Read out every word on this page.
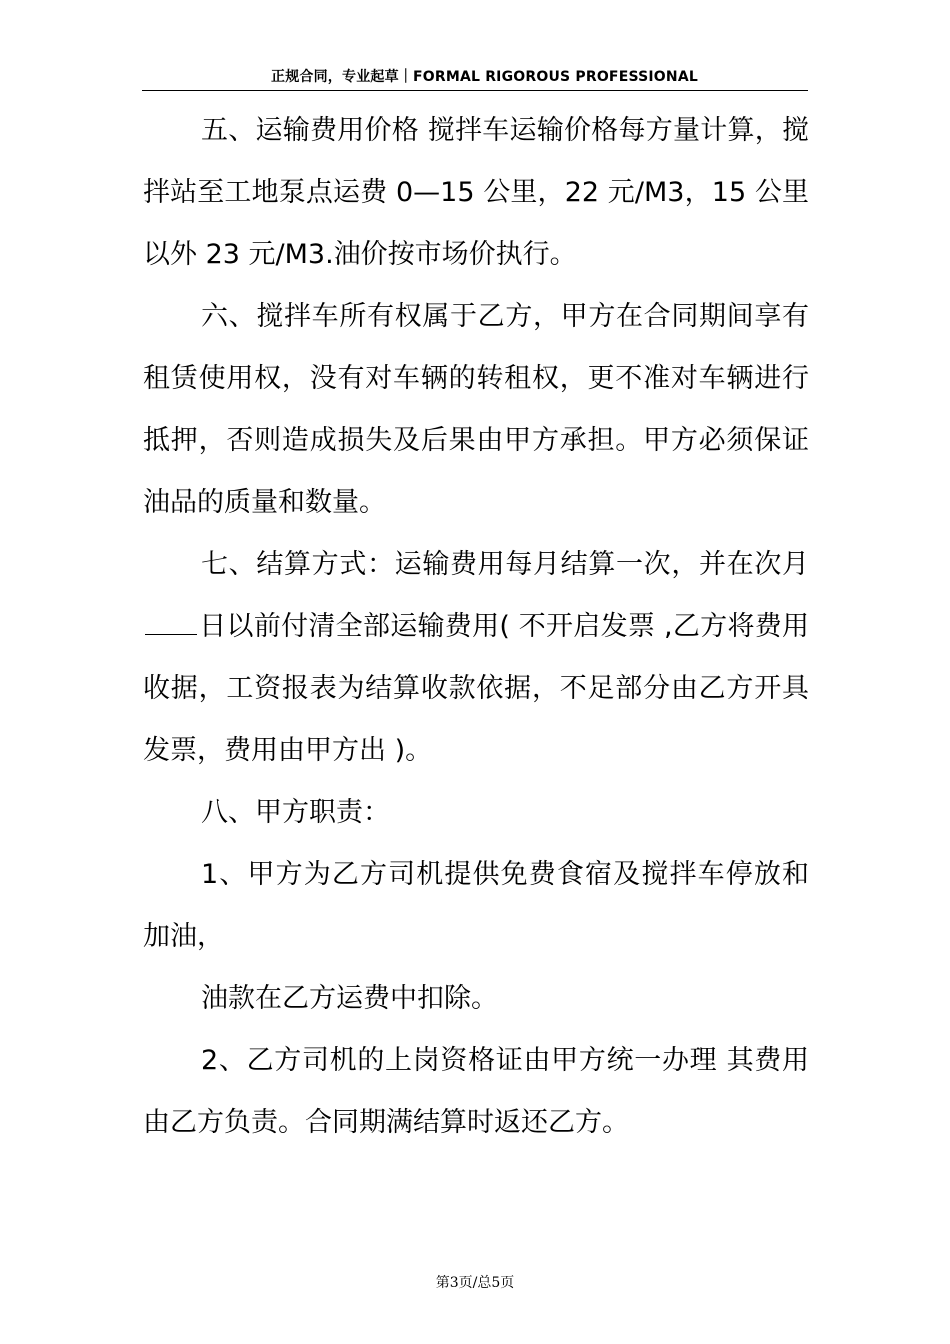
正规合同，专业起草｜FORMAL RIGOROUS PROFESSIONAL

五、运输费用价格 搅拌车运输价格每方量计算，搅拌站至工地泵点运费 0—15 公里，22 元/M3，15 公里以外 23 元/M3.油价按市场价执行。

六、搅拌车所有权属于乙方，甲方在合同期间享有租赁使用权，没有对车辆的转租权，更不准对车辆进行抵押，否则造成损失及后果由甲方承担。甲方必须保证油品的质量和数量。

七、结算方式：运输费用每月结算一次，并在次月日以前付清全部运输费用( 不开启发票 ,乙方将费用收据，工资报表为结算收款依据，不足部分由乙方开具发票，费用由甲方出 )。

八、甲方职责：

1、甲方为乙方司机提供免费食宿及搅拌车停放和加油，

油款在乙方运费中扣除。

2、乙方司机的上岗资格证由甲方统一办理 其费用由乙方负责。合同期满结算时返还乙方。

第3页/总5页
